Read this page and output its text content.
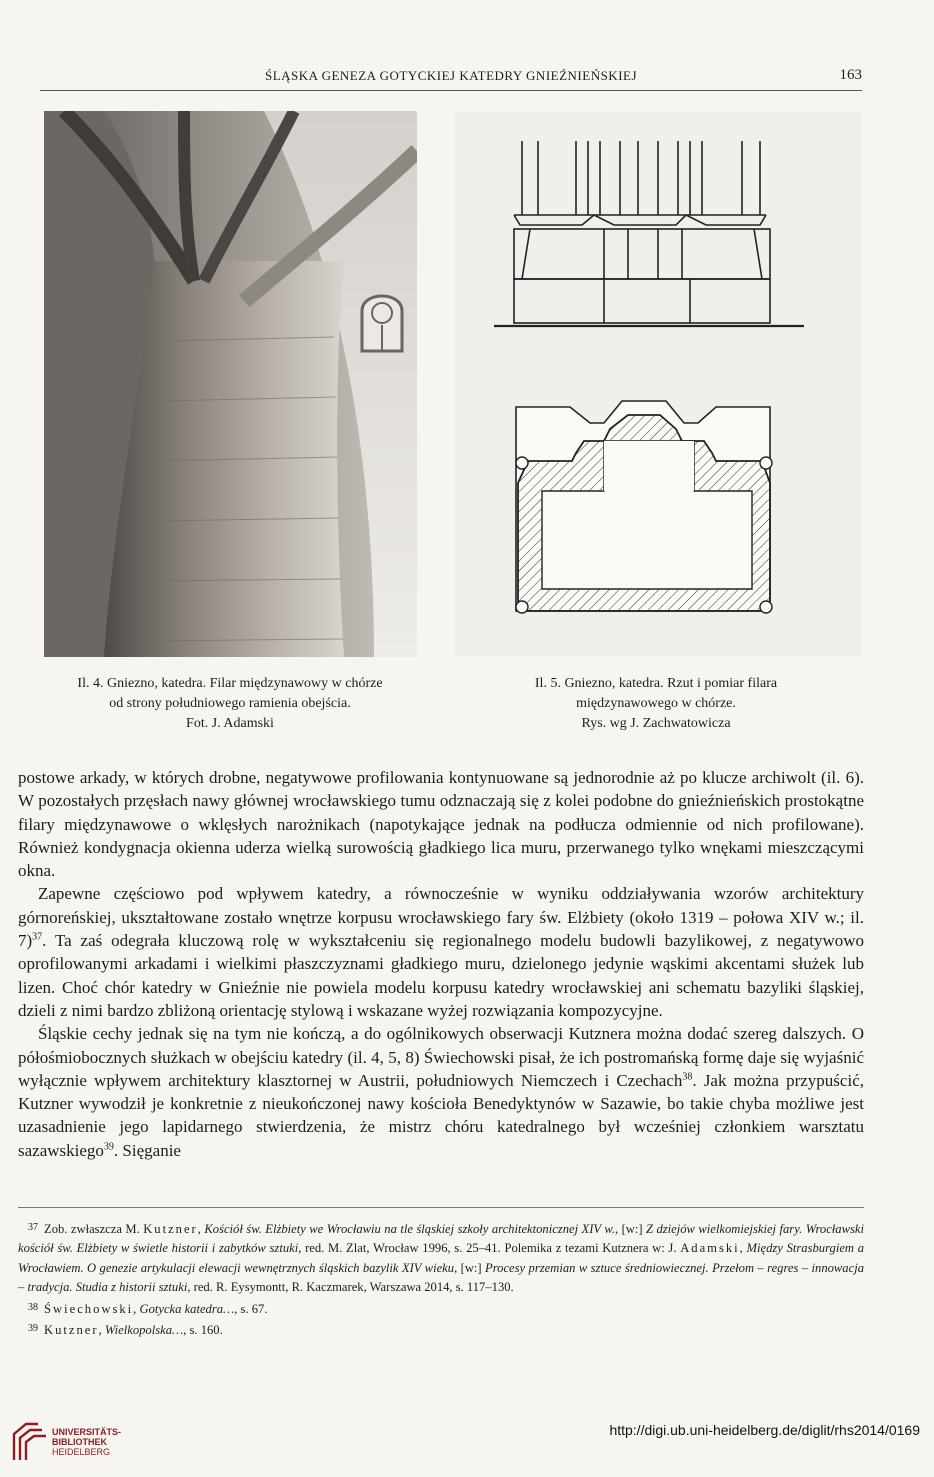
ŚLĄSKA GENEZA GOTYCKIEJ KATEDRY GNIEŹNIEŃSKIEJ	163
Il. 4. Gniezno, katedra. Filar międzynawowy w chórze
od strony południowego ramienia obejścia.
Fot. J. Adamski
Il. 5. Gniezno, katedra. Rzut i pomiar filara
międzynawowego w chórze.
Rys. wg J. Zachwatowicza

postowe arkady, w których drobne, negatywowe profilowania kontynuowane są jednorodnie aż po klucze archiwolt (il. 6). W pozostałych przęsłach nawy głównej wrocławskiego tumu odznaczają się z kolei podobne do gnieźnieńskich prostokątne filary międzynawowe o wklęsłych narożnikach (napotykające jednak na podłucza odmiennie od nich profilowane). Również kondygnacja okienna uderza wielką surowością gładkiego lica muru, przerwanego tylko wnękami mieszczącymi okna.

Zapewne częściowo pod wpływem katedry, a równocześnie w wyniku oddziaływania wzorów architektury górnoreńskiej, ukształtowane zostało wnętrze korpusu wrocławskiego fary św. Elżbiety (około 1319 – połowa XIV w.; il. 7)$^{37}$. Ta zaś odegrała kluczową rolę w wykształceniu się regionalnego modelu budowli bazylikowej, z negatywowo oprofilowanymi arkadami i wielkimi płaszczyznami gładkiego muru, dzielonego jedynie wąskimi akcentami służek lub lizen. Choć chór katedry w Gnieźnie nie powiela modelu korpusu katedry wrocławskiej ani schematu bazyliki śląskiej, dzieli z nimi bardzo zbliżoną orientację stylową i wskazane wyżej rozwiązania kompozycyjne.

Śląskie cechy jednak się na tym nie kończą, a do ogólnikowych obserwacji Kutznera można dodać szereg dalszych. O półośmiobocznych służkach w obejściu katedry (il. 4, 5, 8) Świechowski pisał, że ich postromańską formę daje się wyjaśnić wyłącznie wpływem architektury klasztornej w Austrii, południowych Niemczech i Czechach$^{38}$. Jak można przypuścić, Kutzner wywodził je konkretnie z nieukończonej nawy kościoła Benedyktynów w Sazawie, bo takie chyba możliwe jest uzasadnienie jego lapidarnego stwierdzenia, że mistrz chóru katedralnego był wcześniej członkiem warsztatu sazawskiego$^{39}$. Sięganie

37 Zob. zwłaszcza M. Kutzner, Kościół św. Elżbiety we Wrocławiu na tle śląskiej szkoły architektonicznej XIV w., [w:] Z dziejów wielkomiejskiej fary. Wrocławski kościół św. Elżbiety w świetle historii i zabytków sztuki, red. M. Zlat, Wrocław 1996, s. 25–41. Polemika z tezami Kutznera w: J. Adamski, Między Strasburgiem a Wrocławiem. O genezie artykulacji elewacji wewnętrznych śląskich bazylik XIV wieku, [w:] Procesy przemian w sztuce średniowiecznej. Przełom – regres – innowacja – tradycja. Studia z historii sztuki, red. R. Eysymontt, R. Kaczmarek, Warszawa 2014, s. 117–130.

38 Świechowski, Gotycka katedra…, s. 67.

39 Kutzner, Wielkopolska…, s. 160.

UNIVERSITÄTS-
BIBLIOTHEK
HEIDELBERG
http://digi.ub.uni-heidelberg.de/diglit/rhs2014/0169
